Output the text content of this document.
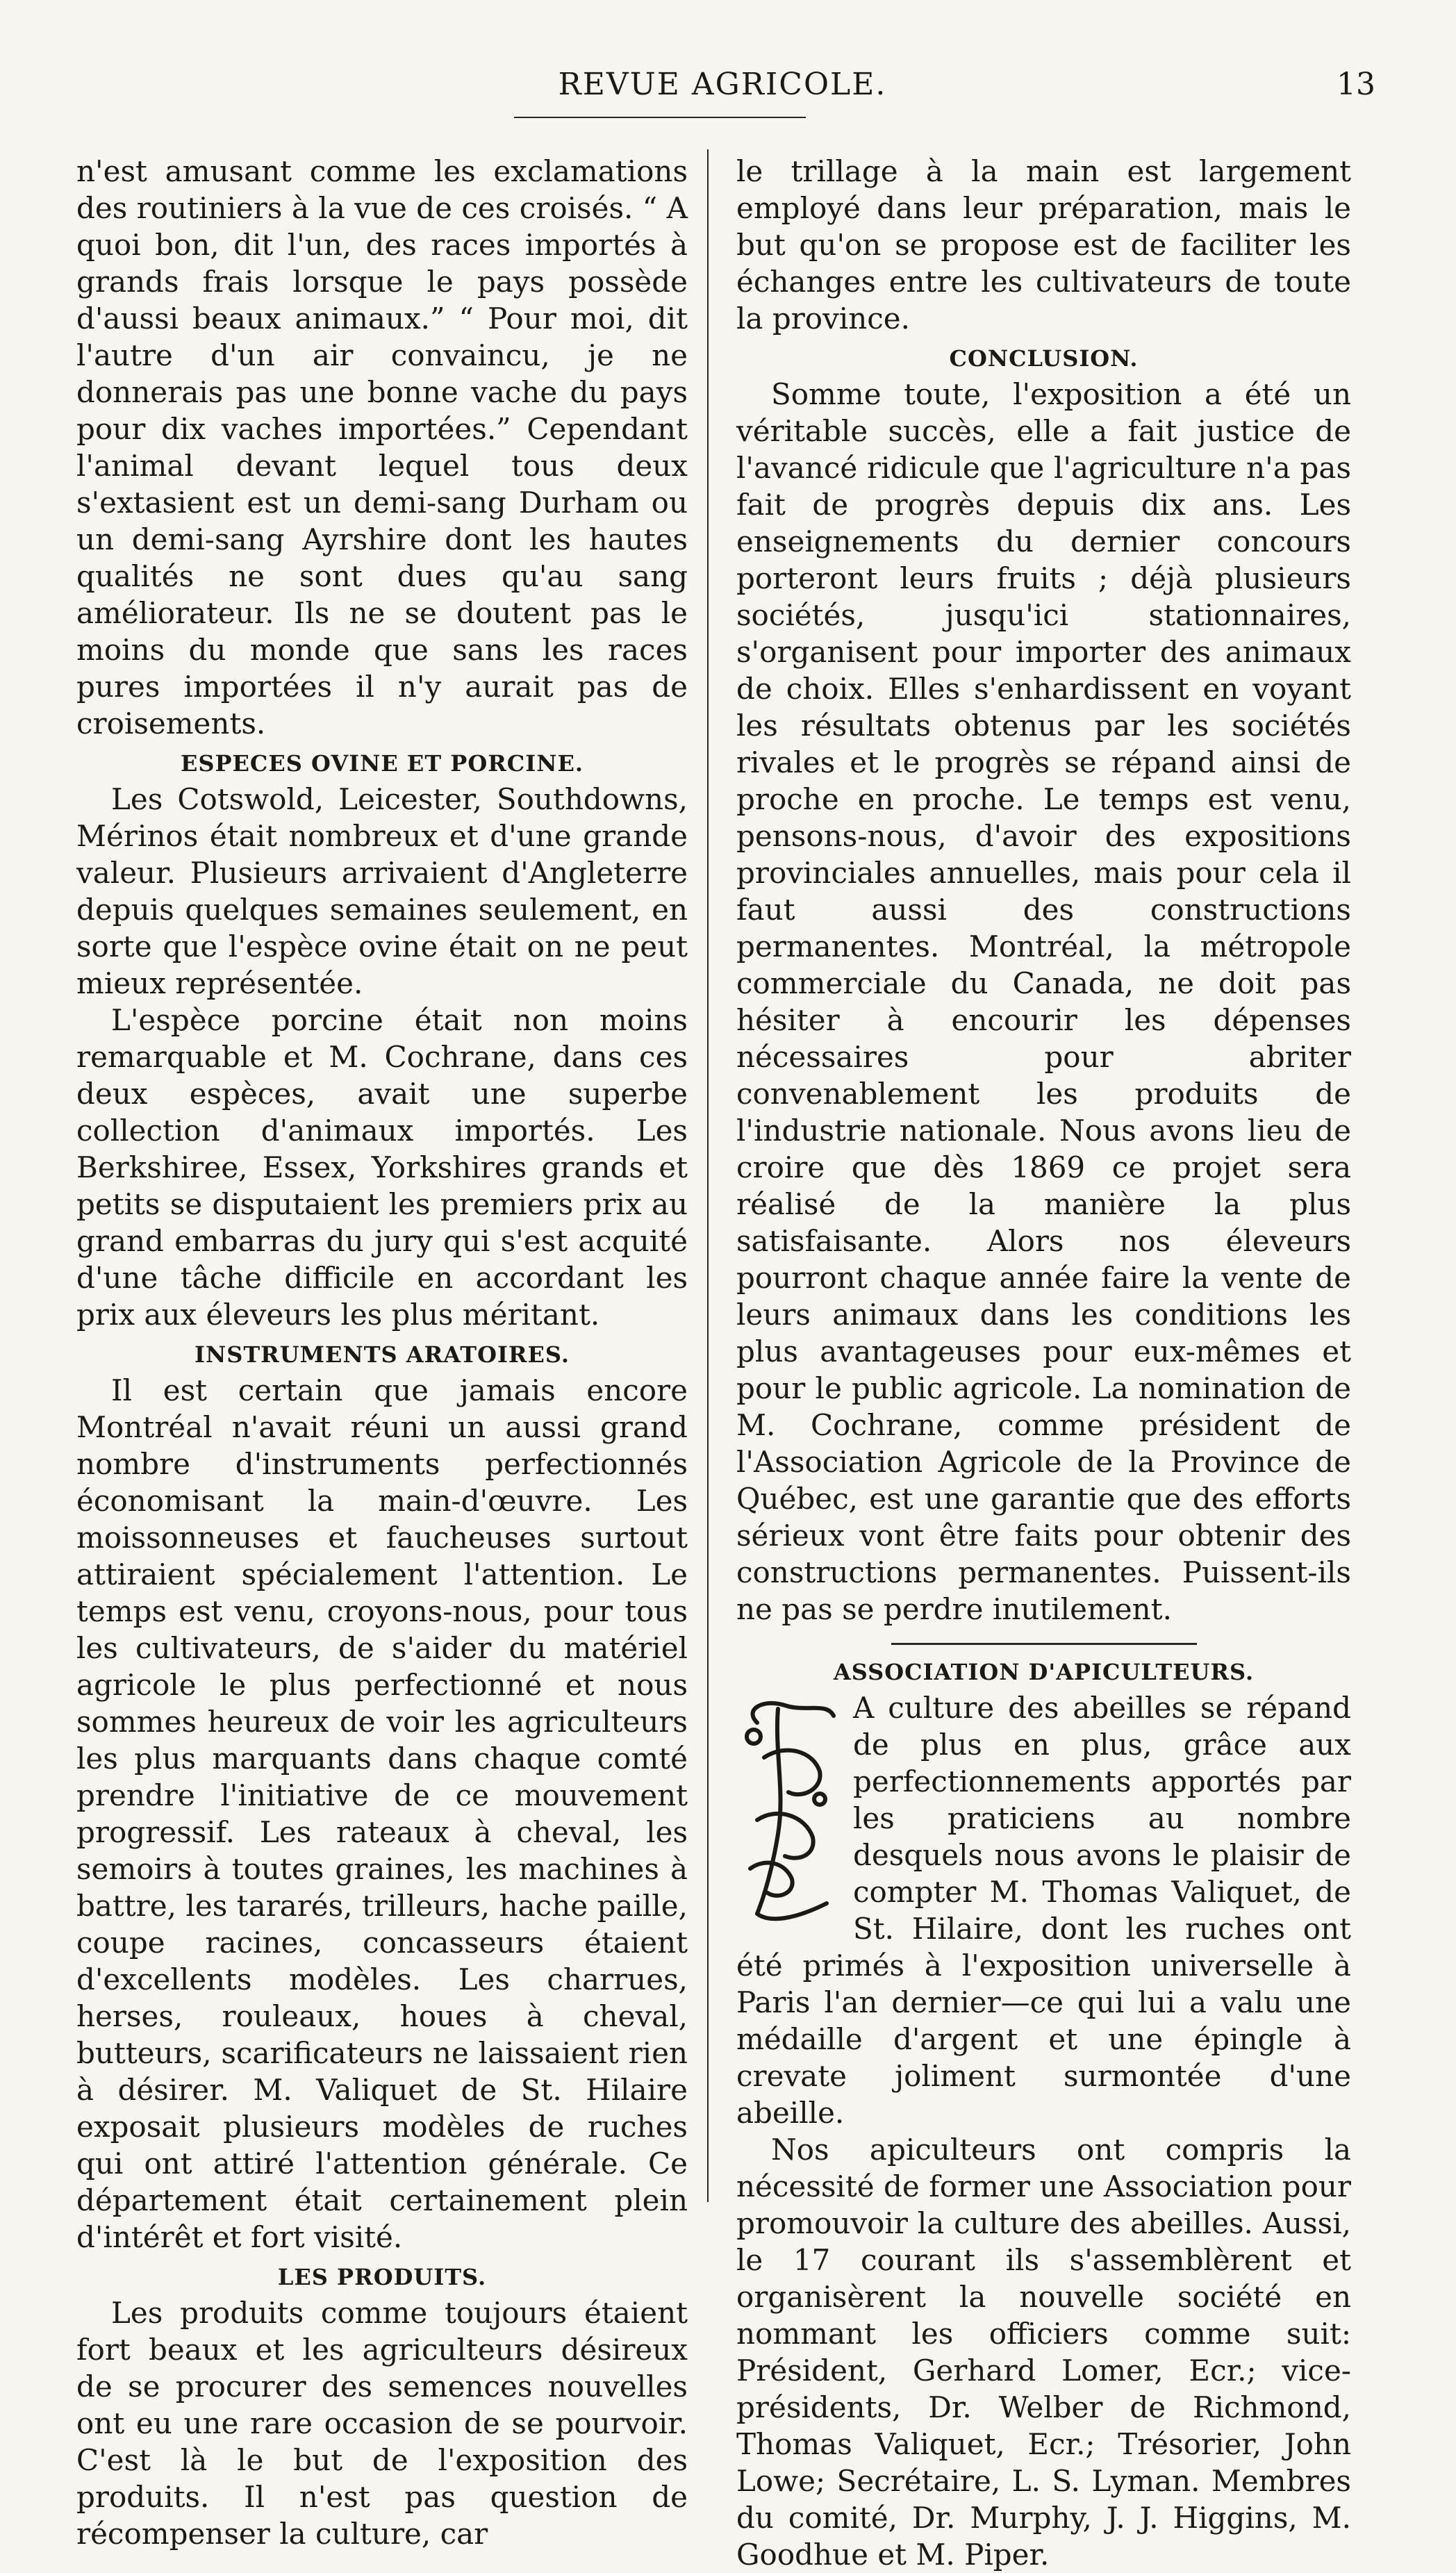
REVUE AGRICOLE.	13

n'est amusant comme les exclamations des routiniers à la vue de ces croisés. “ A quoi bon, dit l'un, des races importés à grands frais lorsque le pays possède d'aussi beaux animaux.” “ Pour moi, dit l'autre d'un air convaincu, je ne donnerais pas une bonne vache du pays pour dix vaches importées.” Cependant l'animal devant lequel tous deux s'extasient est un demi-sang Durham ou un demi-sang Ayrshire dont les hautes qualités ne sont dues qu'au sang améliorateur. Ils ne se doutent pas le moins du monde que sans les races pures importées il n'y aurait pas de croisements.

ESPECES OVINE ET PORCINE.

Les Cotswold, Leicester, Southdowns, Mérinos était nombreux et d'une grande valeur. Plusieurs arrivaient d'Angleterre depuis quelques semaines seulement, en sorte que l'espèce ovine était on ne peut mieux représentée.

L'espèce porcine était non moins remarquable et M. Cochrane, dans ces deux espèces, avait une superbe collection d'animaux importés. Les Berkshiree, Essex, Yorkshires grands et petits se disputaient les premiers prix au grand embarras du jury qui s'est acquité d'une tâche difficile en accordant les prix aux éleveurs les plus méritant.

INSTRUMENTS ARATOIRES.

Il est certain que jamais encore Montréal n'avait réuni un aussi grand nombre d'instruments perfectionnés économisant la main-d'œuvre. Les moissonneuses et faucheuses surtout attiraient spécialement l'attention. Le temps est venu, croyons-nous, pour tous les cultivateurs, de s'aider du matériel agricole le plus perfectionné et nous sommes heureux de voir les agriculteurs les plus marquants dans chaque comté prendre l'initiative de ce mouvement progressif. Les rateaux à cheval, les semoirs à toutes graines, les machines à battre, les tararés, trilleurs, hache paille, coupe racines, concasseurs étaient d'excellents modèles. Les charrues, herses, rouleaux, houes à cheval, butteurs, scarificateurs ne laissaient rien à désirer. M. Valiquet de St. Hilaire exposait plusieurs modèles de ruches qui ont attiré l'attention générale. Ce département était certainement plein d'intérêt et fort visité.

LES PRODUITS.

Les produits comme toujours étaient fort beaux et les agriculteurs désireux de se procurer des semences nouvelles ont eu une rare occasion de se pourvoir. C'est là le but de l'exposition des produits. Il n'est pas question de récompenser la culture, car

le trillage à la main est largement employé dans leur préparation, mais le but qu'on se propose est de faciliter les échanges entre les cultivateurs de toute la province.

CONCLUSION.

Somme toute, l'exposition a été un véritable succès, elle a fait justice de l'avancé ridicule que l'agriculture n'a pas fait de progrès depuis dix ans. Les enseignements du dernier concours porteront leurs fruits ; déjà plusieurs sociétés, jusqu'ici stationnaires, s'organisent pour importer des animaux de choix. Elles s'enhardissent en voyant les résultats obtenus par les sociétés rivales et le progrès se répand ainsi de proche en proche. Le temps est venu, pensons-nous, d'avoir des expositions provinciales annuelles, mais pour cela il faut aussi des constructions permanentes. Montréal, la métropole commerciale du Canada, ne doit pas hésiter à encourir les dépenses nécessaires pour abriter convenablement les produits de l'industrie nationale. Nous avons lieu de croire que dès 1869 ce projet sera réalisé de la manière la plus satisfaisante. Alors nos éleveurs pourront chaque année faire la vente de leurs animaux dans les conditions les plus avantageuses pour eux-mêmes et pour le public agricole. La nomination de M. Cochrane, comme président de l'Association Agricole de la Province de Québec, est une garantie que des efforts sérieux vont être faits pour obtenir des constructions permanentes. Puissent-ils ne pas se perdre inutilement.

ASSOCIATION D'APICULTEURS.

A culture des abeilles se répand de plus en plus, grâce aux perfectionnements apportés par les praticiens au nombre desquels nous avons le plaisir de compter M. Thomas Valiquet, de St. Hilaire, dont les ruches ont été primés à l'exposition universelle à Paris l'an dernier—ce qui lui a valu une médaille d'argent et une épingle à crevate joliment surmontée d'une abeille.

Nos apiculteurs ont compris la nécessité de former une Association pour promouvoir la culture des abeilles. Aussi, le 17 courant ils s'assemblèrent et organisèrent la nouvelle société en nommant les officiers comme suit: Président, Gerhard Lomer, Ecr.; vice-présidents, Dr. Welber de Richmond, Thomas Valiquet, Ecr.; Trésorier, John Lowe; Secrétaire, L. S. Lyman. Membres du comité, Dr. Murphy, J. J. Higgins, M. Goodhue et M. Piper.
